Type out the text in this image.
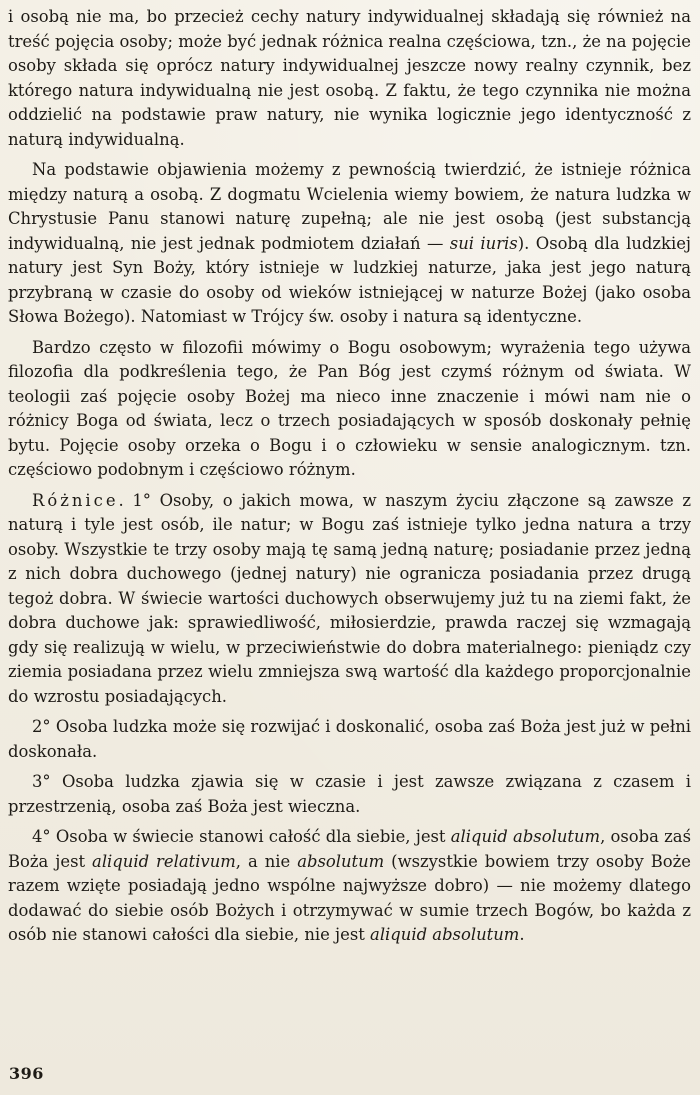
i osobą nie ma, bo przecież cechy natury indywidualnej składają się również na treść pojęcia osoby; może być jednak różnica realna częściowa, tzn., że na pojęcie osoby składa się oprócz natury indywidualnej jeszcze nowy realny czynnik, bez którego natura indywidualną nie jest osobą. Z faktu, że tego czynnika nie można oddzielić na podstawie praw natury, nie wynika logicznie jego identyczność z naturą indywidualną.

Na podstawie objawienia możemy z pewnością twierdzić, że istnieje różnica między naturą a osobą. Z dogmatu Wcielenia wiemy bowiem, że natura ludzka w Chrystusie Panu stanowi naturę zupełną; ale nie jest osobą (jest substancją indywidualną, nie jest jednak podmiotem działań — sui iuris). Osobą dla ludzkiej natury jest Syn Boży, który istnieje w ludzkiej naturze, jaka jest jego naturą przybraną w czasie do osoby od wieków istniejącej w naturze Bożej (jako osoba Słowa Bożego). Natomiast w Trójcy św. osoby i natura są identyczne.

Bardzo często w filozofii mówimy o Bogu osobowym; wyrażenia tego używa filozofia dla podkreślenia tego, że Pan Bóg jest czymś różnym od świata. W teologii zaś pojęcie osoby Bożej ma nieco inne znaczenie i mówi nam nie o różnicy Boga od świata, lecz o trzech posiadających w sposób doskonały pełnię bytu. Pojęcie osoby orzeka o Bogu i o człowieku w sensie analogicznym. tzn. częściowo podobnym i częściowo różnym.

Różnice. 1° Osoby, o jakich mowa, w naszym życiu złączone są zawsze z naturą i tyle jest osób, ile natur; w Bogu zaś istnieje tylko jedna natura a trzy osoby. Wszystkie te trzy osoby mają tę samą jedną naturę; posiadanie przez jedną z nich dobra duchowego (jednej natury) nie ogranicza posiadania przez drugą tegoż dobra. W świecie wartości duchowych obserwujemy już tu na ziemi fakt, że dobra duchowe jak: sprawiedliwość, miłosierdzie, prawda raczej się wzmagają gdy się realizują w wielu, w przeciwieństwie do dobra materialnego: pieniądz czy ziemia posiadana przez wielu zmniejsza swą wartość dla każdego proporcjonalnie do wzrostu posiadających.

2° Osoba ludzka może się rozwijać i doskonalić, osoba zaś Boża jest już w pełni doskonała.

3° Osoba ludzka zjawia się w czasie i jest zawsze związana z czasem i przestrzenią, osoba zaś Boża jest wieczna.

4° Osoba w świecie stanowi całość dla siebie, jest aliquid absolutum, osoba zaś Boża jest aliquid relativum, a nie absolutum (wszystkie bowiem trzy osoby Boże razem wzięte posiadają jedno wspólne najwyższe dobro) — nie możemy dlatego dodawać do siebie osób Bożych i otrzymywać w sumie trzech Bogów, bo każda z osób nie stanowi całości dla siebie, nie jest aliquid absolutum.

396
